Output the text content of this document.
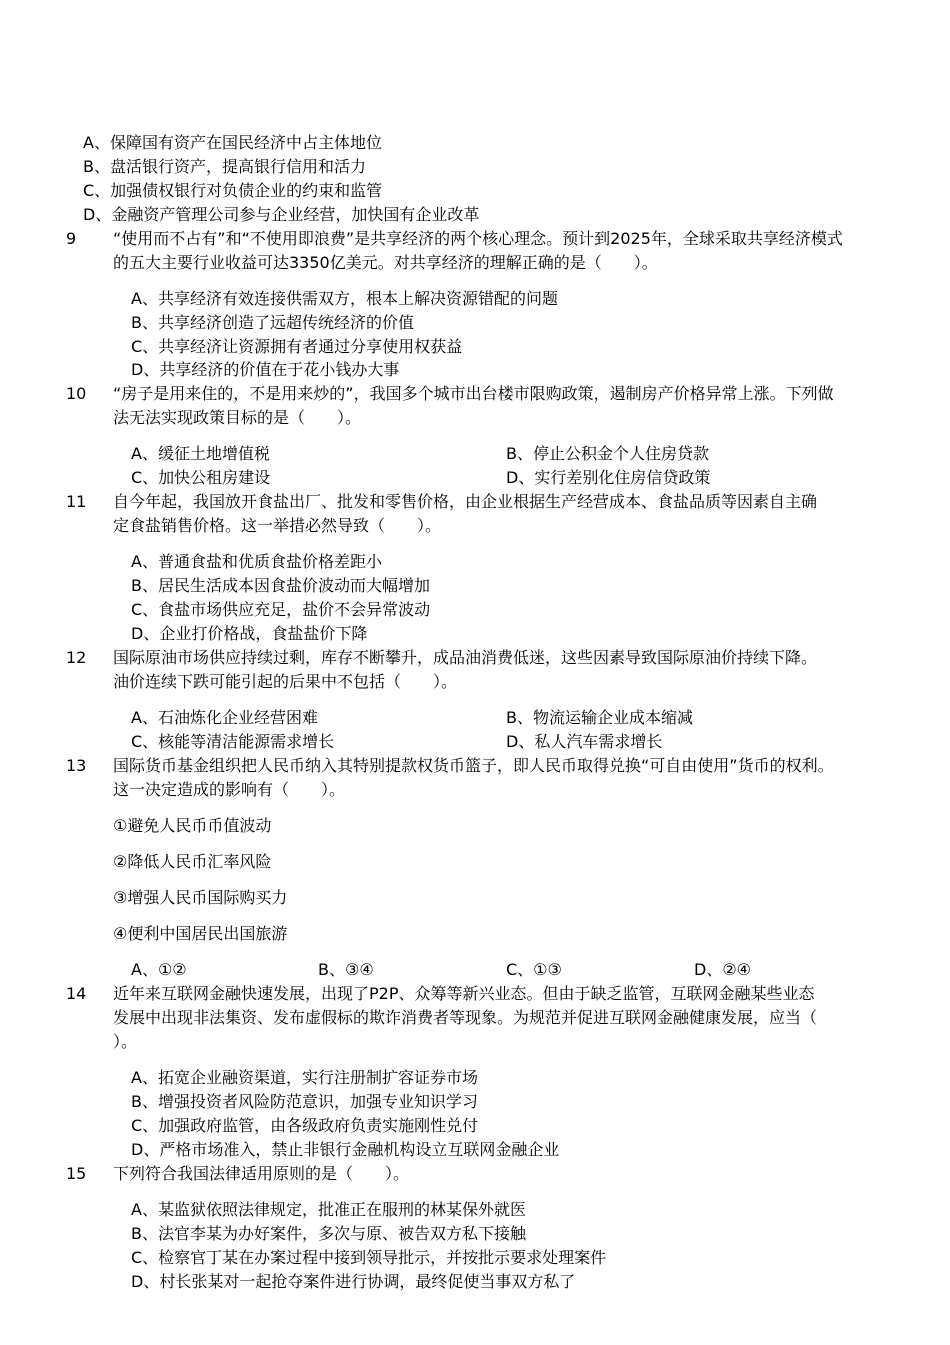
A、保障国有资产在国民经济中占主体地位
B、盘活银行资产，提高银行信用和活力
C、加强债权银行对负债企业的约束和监管
D、金融资产管理公司参与企业经营，加快国有企业改革
9 “使用而不占有”和“不使用即浪费”是共享经济的两个核心理念。预计到2025年，全球采取共享经济模式
的五大主要行业收益可达3350亿美元。对共享经济的理解正确的是（　　）。
A、共享经济有效连接供需双方，根本上解决资源错配的问题
B、共享经济创造了远超传统经济的价值
C、共享经济让资源拥有者通过分享使用权获益
D、共享经济的价值在于花小钱办大事
10 “房子是用来住的，不是用来炒的”，我国多个城市出台楼市限购政策，遏制房产价格异常上涨。下列做
法无法实现政策目标的是（　　）。
A、缓征土地增值税	B、停止公积金个人住房贷款
C、加快公租房建设	D、实行差别化住房信贷政策
11 自今年起，我国放开食盐出厂、批发和零售价格，由企业根据生产经营成本、食盐品质等因素自主确
定食盐销售价格。这一举措必然导致（　　）。
A、普通食盐和优质食盐价格差距小
B、居民生活成本因食盐价波动而大幅增加
C、食盐市场供应充足，盐价不会异常波动
D、企业打价格战，食盐盐价下降
12 国际原油市场供应持续过剩，库存不断攀升，成品油消费低迷，这些因素导致国际原油价持续下降。
油价连续下跌可能引起的后果中不包括（　　）。
A、石油炼化企业经营困难	B、物流运输企业成本缩减
C、核能等清洁能源需求增长	D、私人汽车需求增长
13 国际货币基金组织把人民币纳入其特别提款权货币篮子，即人民币取得兑换“可自由使用”货币的权利。
这一决定造成的影响有（　　）。
①避免人民币币值波动
②降低人民币汇率风险
③增强人民币国际购买力
④便利中国居民出国旅游
A、①②	B、③④	C、①③	D、②④
14 近年来互联网金融快速发展，出现了P2P、众筹等新兴业态。但由于缺乏监管，互联网金融某些业态
发展中出现非法集资、发布虚假标的欺诈消费者等现象。为规范并促进互联网金融健康发展，应当（
）。
A、拓宽企业融资渠道，实行注册制扩容证券市场
B、增强投资者风险防范意识，加强专业知识学习
C、加强政府监管，由各级政府负责实施刚性兑付
D、严格市场准入，禁止非银行金融机构设立互联网金融企业
15 下列符合我国法律适用原则的是（　　）。
A、某监狱依照法律规定，批准正在服刑的林某保外就医
B、法官李某为办好案件，多次与原、被告双方私下接触
C、检察官丁某在办案过程中接到领导批示，并按批示要求处理案件
D、村长张某对一起抢夺案件进行协调，最终促使当事双方私了
